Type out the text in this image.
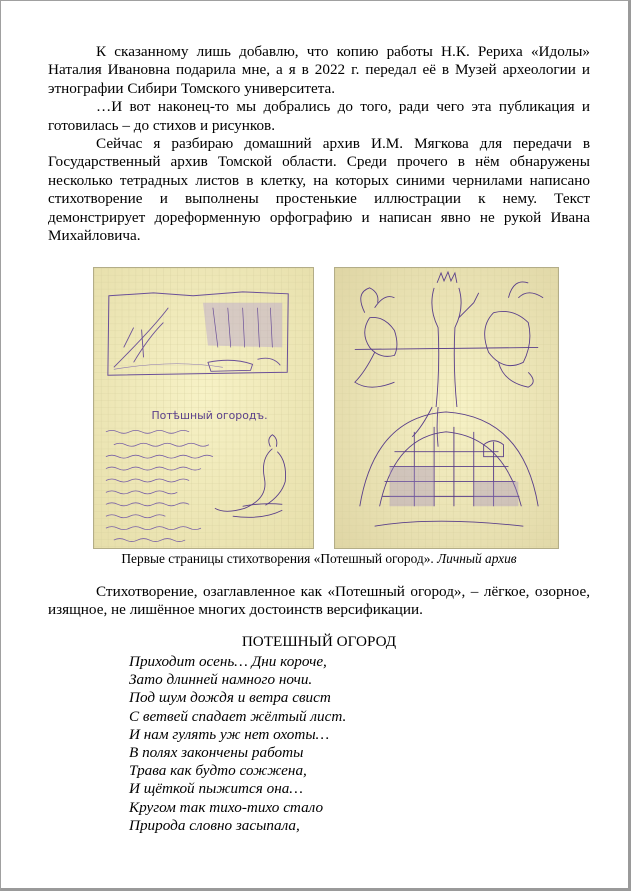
К сказанному лишь добавлю, что копию работы Н.К. Рериха «Идолы» Наталия Ивановна подарила мне, а я в 2022 г. передал её в Музей археологии и этнографии Сибири Томского университета.

…И вот наконец-то мы добрались до того, ради чего эта публикация и готовилась – до стихов и рисунков.

Сейчас я разбираю домашний архив И.М. Мягкова для передачи в Государственный архив Томской области. Среди прочего в нём обнаружены несколько тетрадных листов в клетку, на которых синими чернилами написано стихотворение и выполнены простенькие иллюстрации к нему. Текст демонстрирует дореформенную орфографию и написан явно не рукой Ивана Михайловича.

Потѣшный огородъ.
Первые страницы стихотворения «Потешный огород». Личный архив

Стихотворение, озаглавленное как «Потешный огород», – лёгкое, озорное, изящное, не лишённое многих достоинств версификации.

ПОТЕШНЫЙ ОГОРОД
Приходит осень… Дни короче,
Зато длинней намного ночи.
Под шум дождя и ветра свист
С ветвей спадает жёлтый лист.
И нам гулять уж нет охоты…
В полях закончены работы
Трава как будто сожжена,
И щёткой пыжится она…
Кругом так тихо-тихо стало
Природа словно засыпала,
